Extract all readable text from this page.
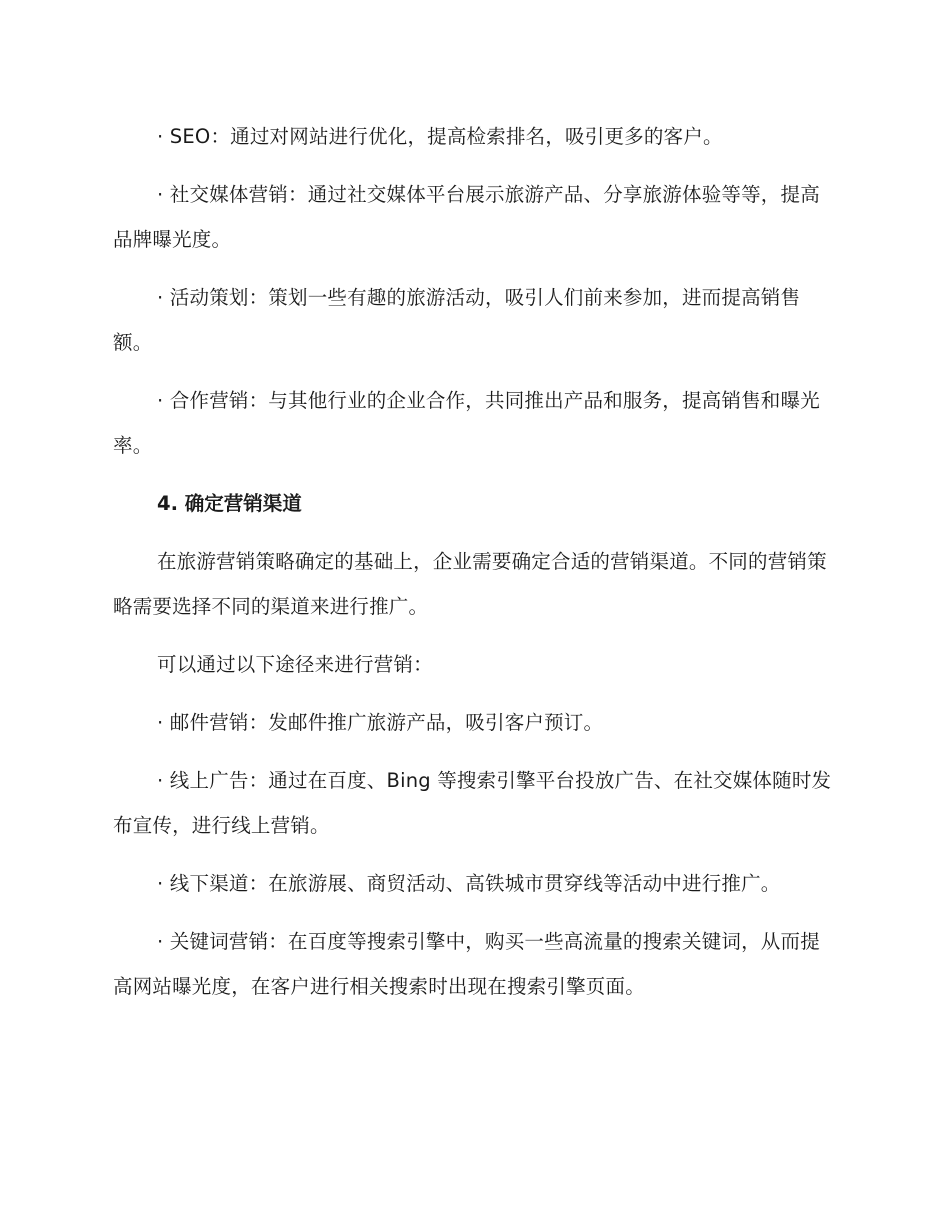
· SEO：通过对网站进行优化，提高检索排名，吸引更多的客户。

· 社交媒体营销：通过社交媒体平台展示旅游产品、分享旅游体验等等，提高品牌曝光度。

· 活动策划：策划一些有趣的旅游活动，吸引人们前来参加，进而提高销售额。

· 合作营销：与其他行业的企业合作，共同推出产品和服务，提高销售和曝光率。

4. 确定营销渠道

在旅游营销策略确定的基础上，企业需要确定合适的营销渠道。不同的营销策略需要选择不同的渠道来进行推广。

可以通过以下途径来进行营销：

· 邮件营销：发邮件推广旅游产品，吸引客户预订。

· 线上广告：通过在百度、Bing 等搜索引擎平台投放广告、在社交媒体随时发布宣传，进行线上营销。

· 线下渠道：在旅游展、商贸活动、高铁城市贯穿线等活动中进行推广。

· 关键词营销：在百度等搜索引擎中，购买一些高流量的搜索关键词，从而提高网站曝光度，在客户进行相关搜索时出现在搜索引擎页面。
